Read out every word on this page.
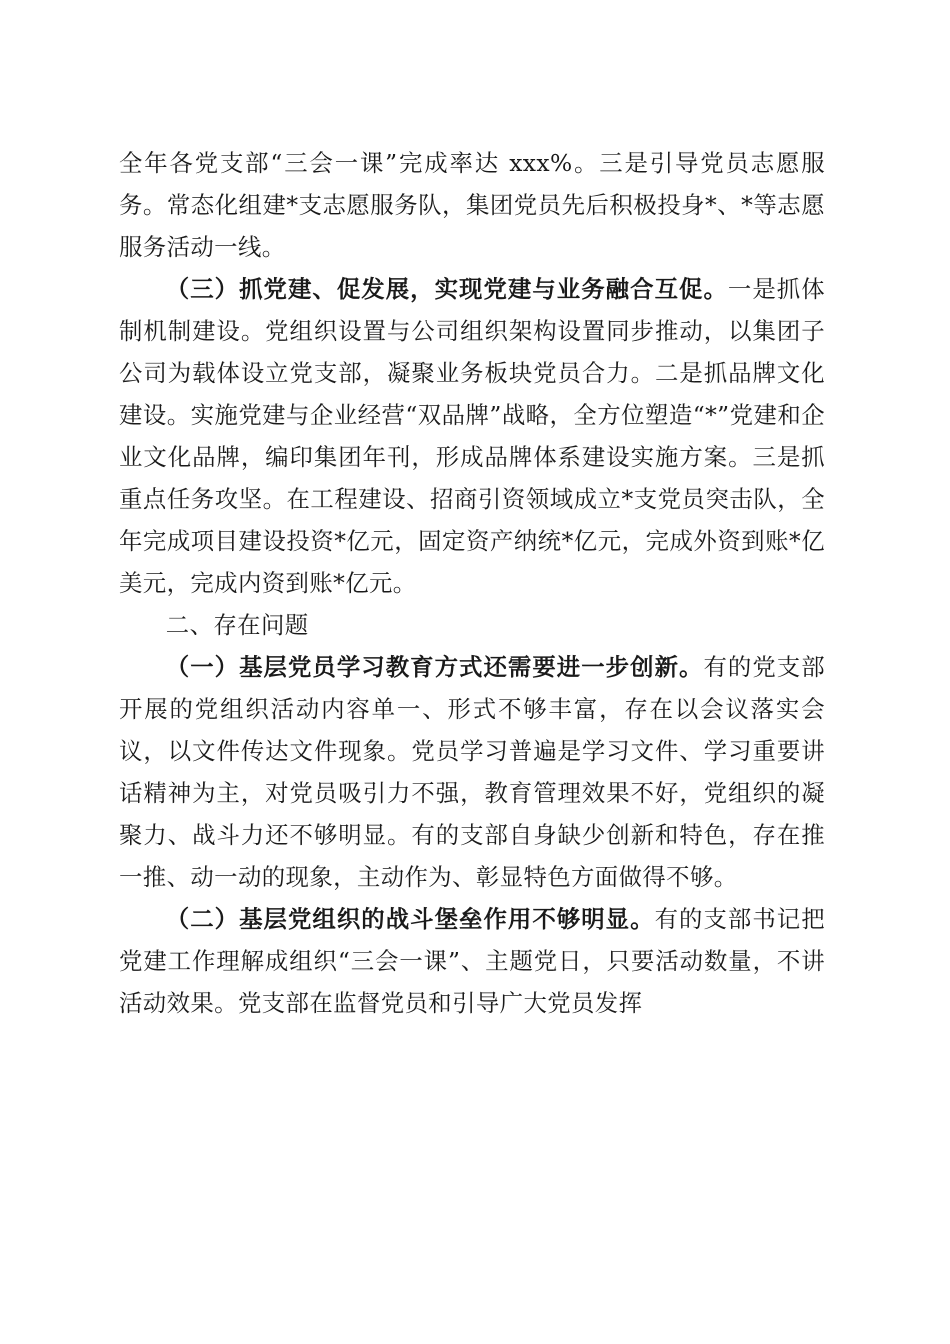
全年各党支部“三会一课”完成率达 xxx%。三是引导党员志愿服务。常态化组建*支志愿服务队，集团党员先后积极投身*、*等志愿服务活动一线。

（三）抓党建、促发展，实现党建与业务融合互促。一是抓体制机制建设。党组织设置与公司组织架构设置同步推动，以集团子公司为载体设立党支部，凝聚业务板块党员合力。二是抓品牌文化建设。实施党建与企业经营“双品牌”战略，全方位塑造“*”党建和企业文化品牌，编印集团年刊，形成品牌体系建设实施方案。三是抓重点任务攻坚。在工程建设、招商引资领域成立*支党员突击队，全年完成项目建设投资*亿元，固定资产纳统*亿元，完成外资到账*亿美元，完成内资到账*亿元。

二、存在问题

（一）基层党员学习教育方式还需要进一步创新。有的党支部开展的党组织活动内容单一、形式不够丰富，存在以会议落实会议，以文件传达文件现象。党员学习普遍是学习文件、学习重要讲话精神为主，对党员吸引力不强，教育管理效果不好，党组织的凝聚力、战斗力还不够明显。有的支部自身缺少创新和特色，存在推一推、动一动的现象，主动作为、彰显特色方面做得不够。

（二）基层党组织的战斗堡垒作用不够明显。有的支部书记把党建工作理解成组织“三会一课”、主题党日，只要活动数量，不讲活动效果。党支部在监督党员和引导广大党员发挥
